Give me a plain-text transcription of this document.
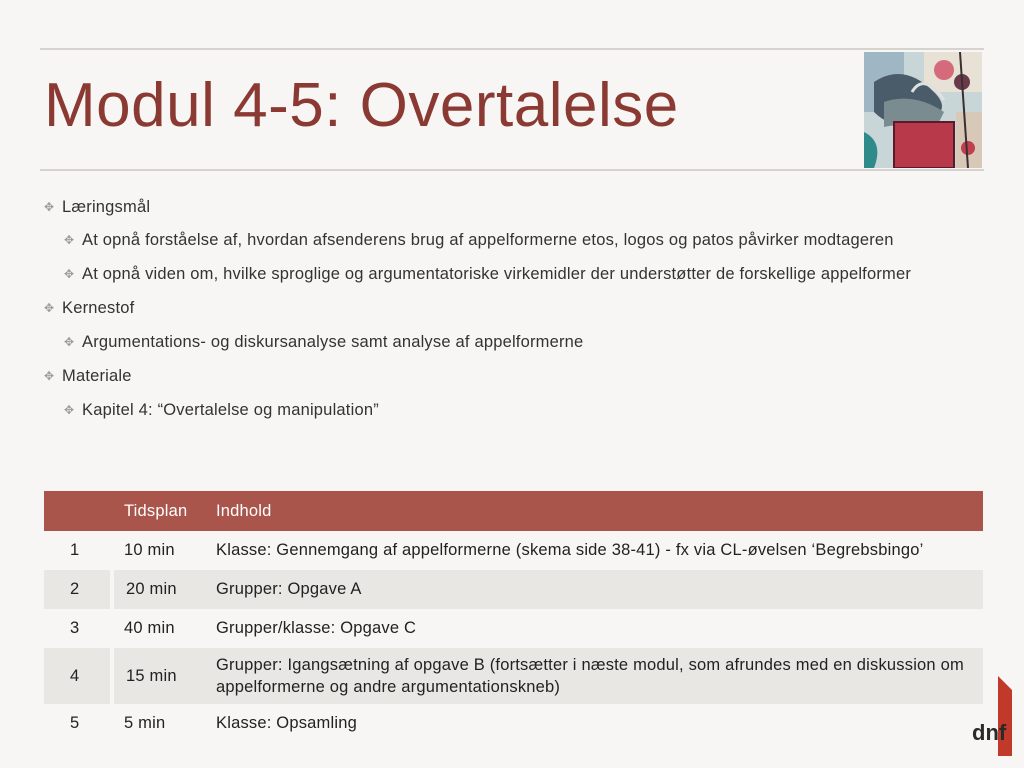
Modul 4-5: Overtalelse
✥ Læringsmål
✥ At opnå forståelse af, hvordan afsenderens brug af appelformerne etos, logos og patos påvirker modtageren
✥ At opnå viden om, hvilke sproglige og argumentatoriske virkemidler der understøtter de forskellige appelformer
✥ Kernestof
✥ Argumentations- og diskursanalyse samt analyse af appelformerne
✥ Materiale
✥ Kapitel 4: “Overtalelse og manipulation”
	Tidsplan	Indhold
1	10 min	Klasse: Gennemgang af appelformerne (skema side 38-41) - fx via CL-øvelsen ‘Begrebsbingo’
2	20 min	Grupper: Opgave A
3	40 min	Grupper/klasse: Opgave C
4	15 min	Grupper: Igangsætning af opgave B (fortsætter i næste modul, som afrundes med en diskussion om appelformerne og andre argumentationskneb)
5	5 min	Klasse: Opsamling	dnf
